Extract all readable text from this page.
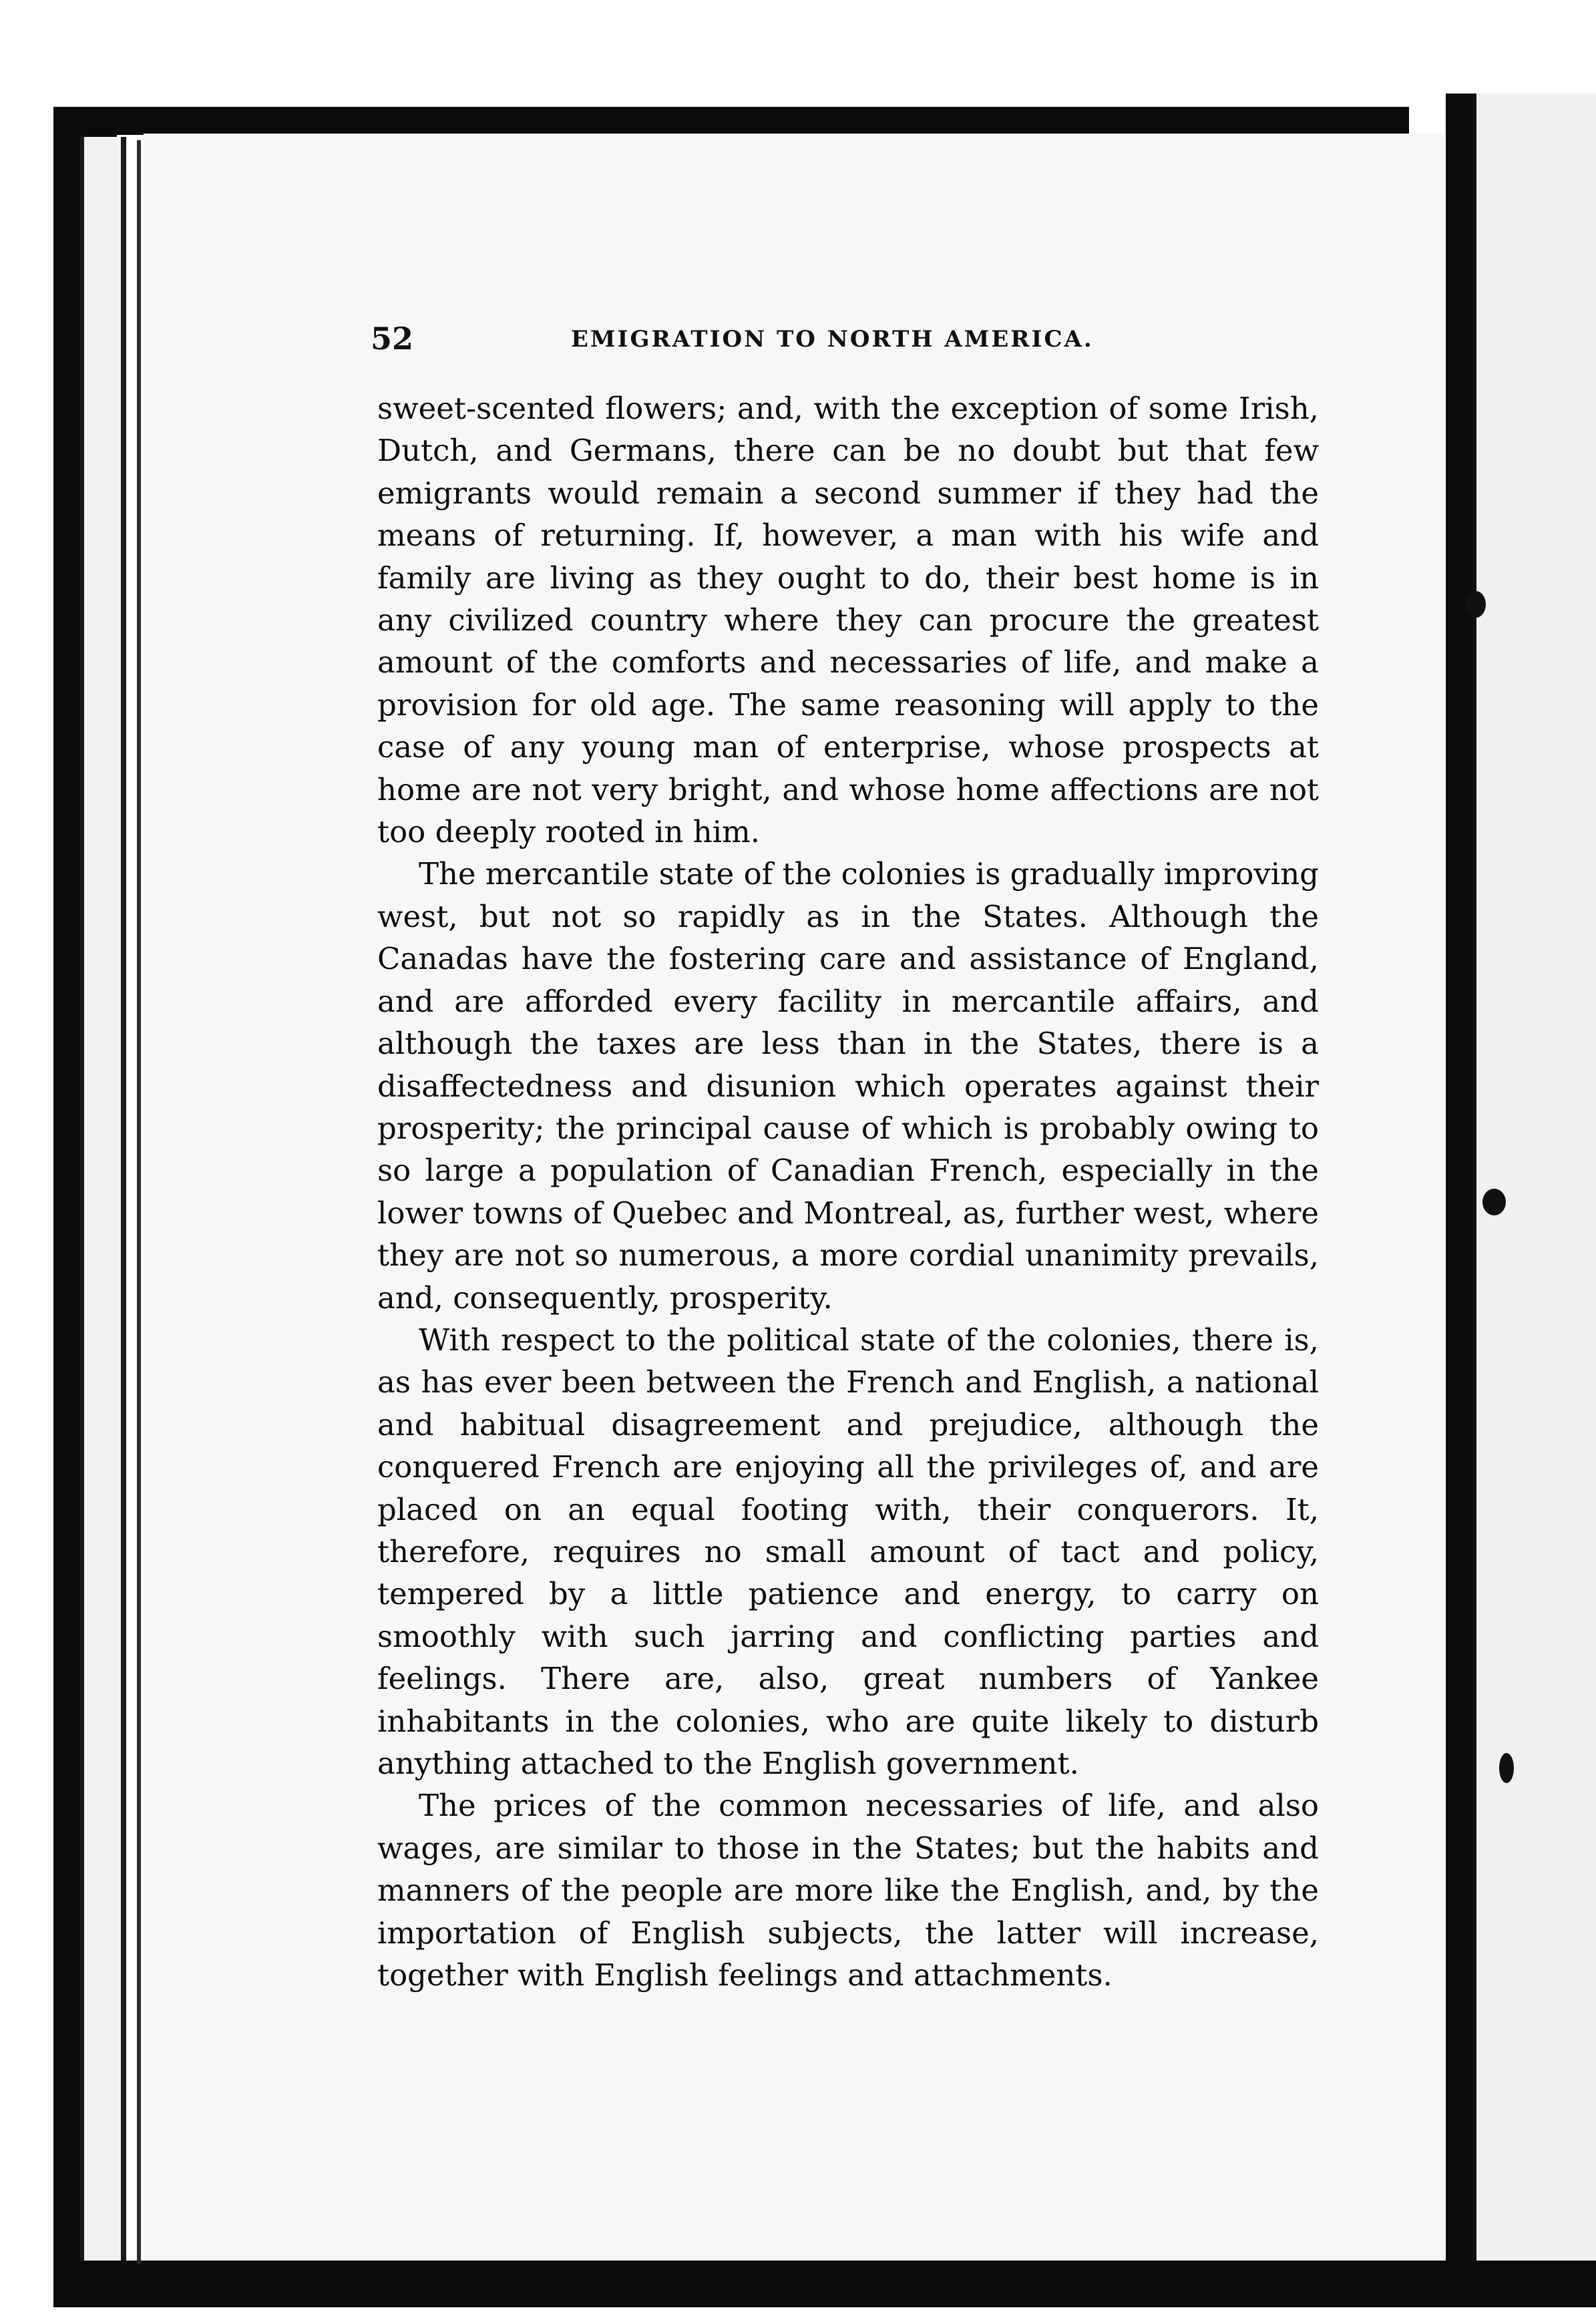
52	EMIGRATION TO NORTH AMERICA.

sweet-scented flowers; and, with the exception of some Irish, Dutch, and Germans, there can be no doubt but that few emigrants would remain a second summer if they had the means of returning. If, however, a man with his wife and family are living as they ought to do, their best home is in any civilized country where they can procure the greatest amount of the comforts and necessaries of life, and make a provision for old age. The same reasoning will apply to the case of any young man of enterprise, whose prospects at home are not very bright, and whose home affections are not too deeply rooted in him.

The mercantile state of the colonies is gradually improving west, but not so rapidly as in the States. Although the Canadas have the fostering care and assistance of England, and are afforded every facility in mercantile affairs, and although the taxes are less than in the States, there is a disaffectedness and disunion which operates against their prosperity; the principal cause of which is probably owing to so large a population of Canadian French, especially in the lower towns of Quebec and Montreal, as, further west, where they are not so numerous, a more cordial unanimity prevails, and, consequently, prosperity.

With respect to the political state of the colonies, there is, as has ever been between the French and English, a national and habitual disagreement and prejudice, although the conquered French are enjoying all the privileges of, and are placed on an equal footing with, their conquerors. It, therefore, requires no small amount of tact and policy, tempered by a little patience and energy, to carry on smoothly with such jarring and conflicting parties and feelings. There are, also, great numbers of Yankee inhabitants in the colonies, who are quite likely to disturb anything attached to the English government.

The prices of the common necessaries of life, and also wages, are similar to those in the States; but the habits and manners of the people are more like the English, and, by the importation of English subjects, the latter will increase, together with English feelings and attachments.
